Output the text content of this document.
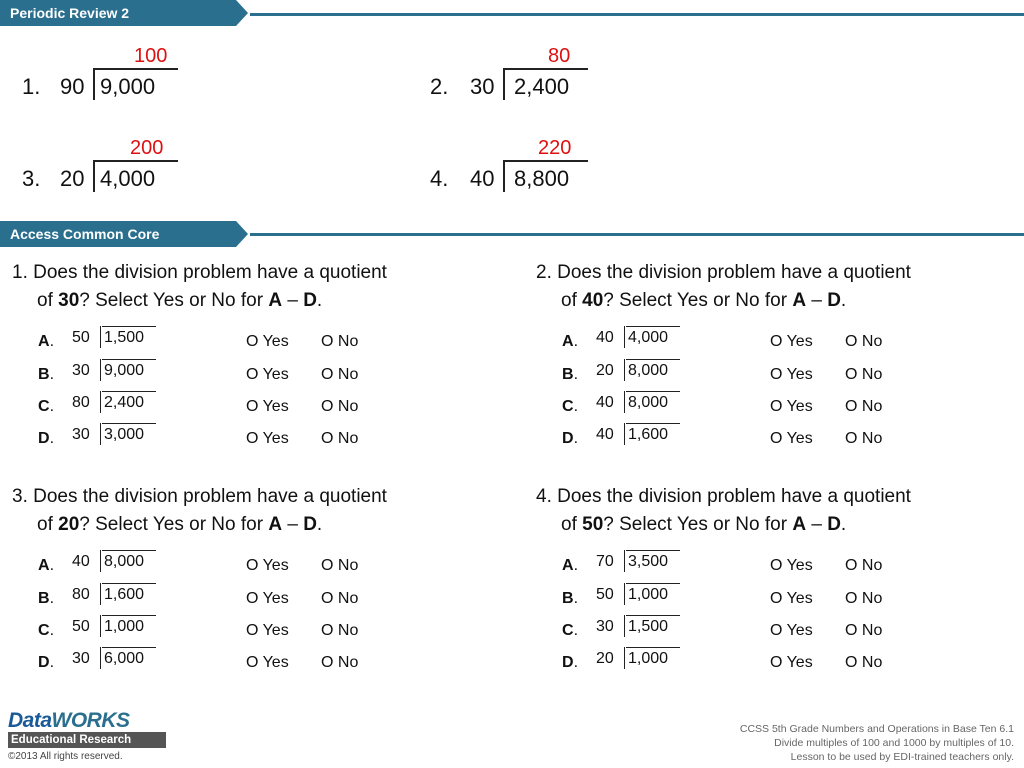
Periodic Review 2
Access Common Core
1. 90 9,000
100
2. 30 2,400
80
3. 20 4,000
200
4. 40 8,800
220

1. Does the division problem have a quotient
of 30? Select Yes or No for A – D.

A. 50 1,500	O Yes O No
B. 30 9,000	O Yes O No
C. 80 2,400	O Yes O No
D. 30 3,000	O Yes O No

2. Does the division problem have a quotient
of 40? Select Yes or No for A – D.

A. 40 4,000	O Yes O No
B. 20 8,000	O Yes O No
C. 40 8,000	O Yes O No
D. 40 1,600	O Yes O No

3. Does the division problem have a quotient
of 20? Select Yes or No for A – D.

A. 40 8,000	O Yes O No
B. 80 1,600	O Yes O No
C. 50 1,000	O Yes O No
D. 30 6,000	O Yes O No

4. Does the division problem have a quotient
of 50? Select Yes or No for A – D.

A. 70 3,500	O Yes O No
B. 50 1,000	O Yes O No
C. 30 1,500	O Yes O No
D. 20 1,000	O Yes O No
DataWORKS
Educational Research
©2013 All rights reserved.
CCSS 5th Grade Numbers and Operations in Base Ten 6.1
Divide multiples of 100 and 1000 by multiples of 10.
Lesson to be used by EDI-trained teachers only.
